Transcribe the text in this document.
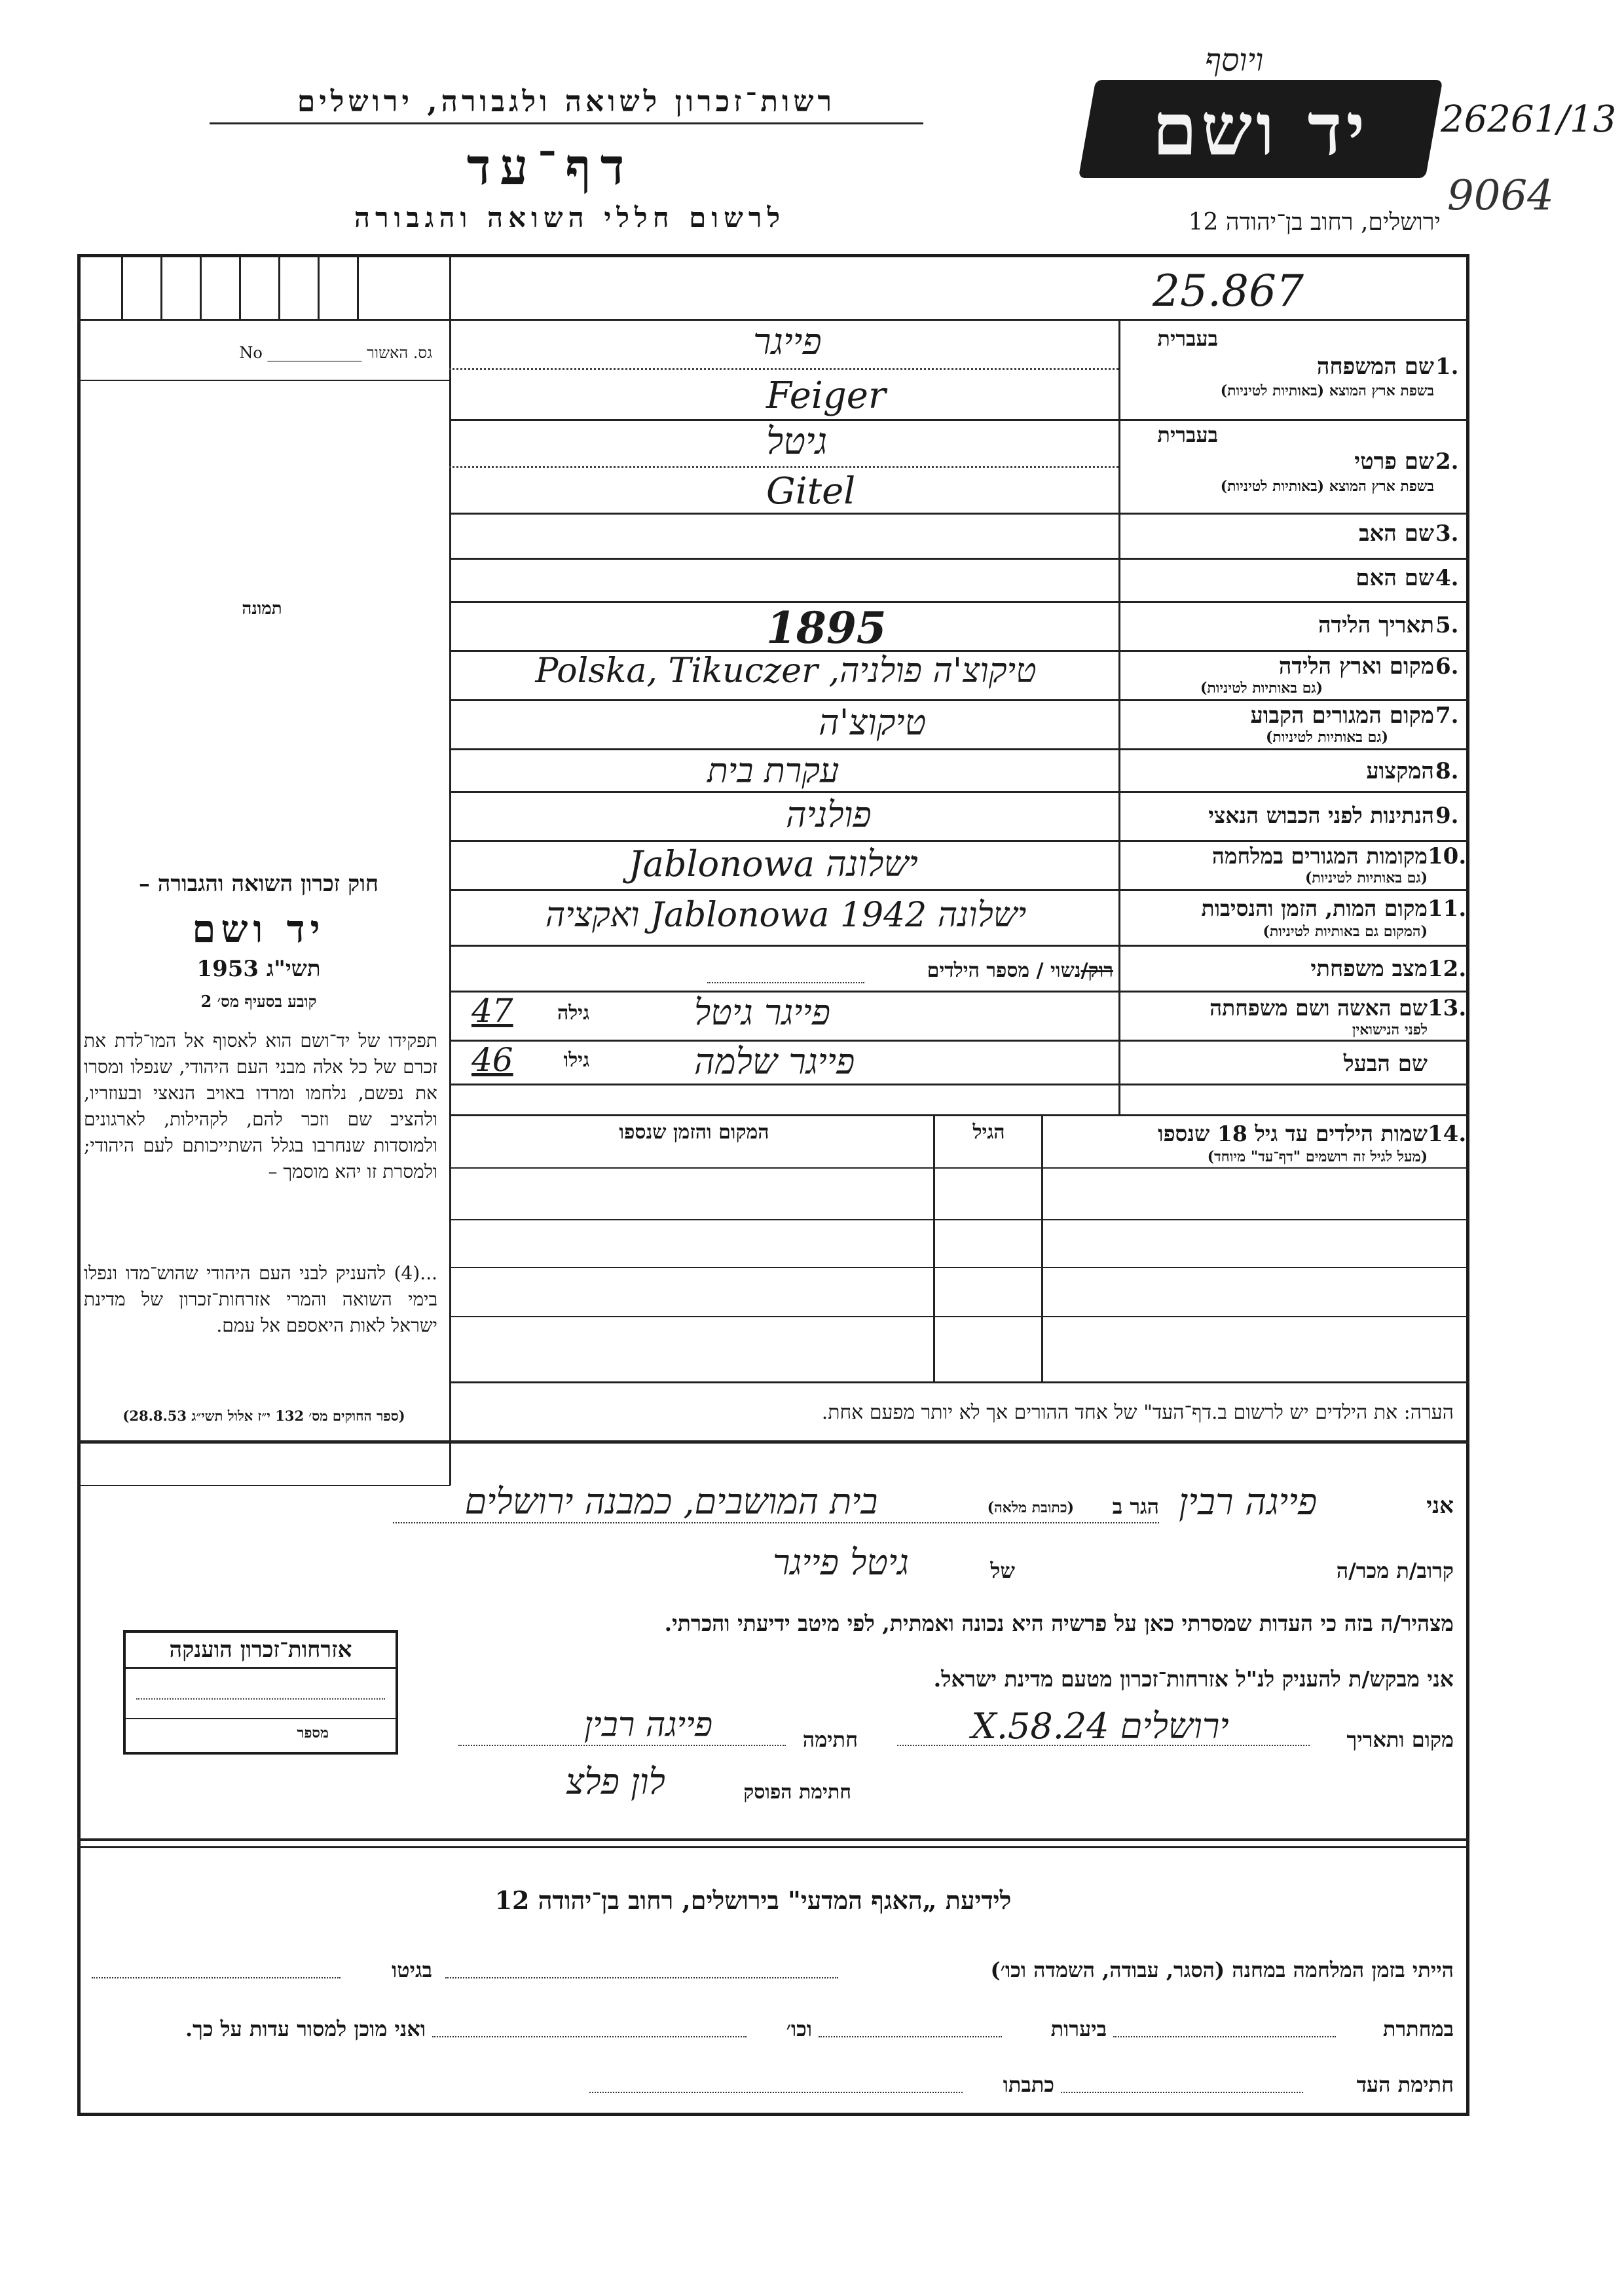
רשות־זכרון לשואה ולגבורה, ירושלים
דף־עד
לרשום חללי השואה והגבורה
יד ושם
ויוסף
26261/13
9064
ירושלים, רחוב בן־יהודה 12
25.867
גס. האשור ____________ No
תמונה
חוק זכרון השואה והגבורה –
יד ושם
תשי"ג 1953
קובע בסעיף מס׳ 2
תפקידו של יד־ושם הוא לאסוף אל המו־לדת את זכרם של כל אלה מבני העם היהודי, שנפלו ומסרו את נפשם, נלחמו ומרדו באויב הנאצי ובעוזריו, ולהציב שם וזכר להם, לקהילות, לארגונים ולמוסדות שנחרבו בגלל השתייכותם לעם היהודי; ולמסרת זו יהא מוסמך –
...(4) להעניק לבני העם היהודי שהוש־מדו ונפלו בימי השואה והמרי אזרחות־זכרון של מדינת ישראל לאות היאספם אל עמם.
(ספר החוקים מס׳ 132 י״ז אלול תשי״ג 28.8.53)
בעברית
שם המשפחה 1.
בשפת ארץ המוצא (באותיות לטיניות)
פייגר
Feiger
בעברית
שם פרטי 2.
בשפת ארץ המוצא (באותיות לטיניות)
גיטל
Gitel
שם האב 3.
שם האם 4.
תאריך הלידה 5.
1895
מקום וארץ הלידה 6.
(גם באותיות לטיניות)
טיקוצ'ה פולניה, Polska, Tikuczer
מקום המגורים הקבוע 7.
(גם באותיות לטיניות)
טיקוצ'ה
המקצוע 8.
עקרת בית
הנתינות לפני הכבוש הנאצי 9.
פולניה
מקומות המגורים במלחמה 10.
(גם באותיות לטיניות)
ישלונה Jablonowa
מקום המות, הזמן והנסיבות 11.
(המקום גם באותיות לטיניות)
ישלונה Jablonowa 1942 ואקציה
מצב משפחתי 12.
רוק/נשוי / מספר הילדים
שם האשה ושם משפחתה 13.
לפני הנישואין
גילה
47	פייגר גיטל
שם הבעל
גילו
46	פייגר שלמה
שמות הילדים עד גיל 18 שנספו 14.
(מעל לגיל זה רושמים "דף־עד" מיוחד)
הגיל
המקום והזמן שנספו
הערה: את הילדים יש לרשום ב.דף־העד" של אחד ההורים אך לא יותר מפעם אחת.
אני
פייגה רבין
הגר ב
(כתובת מלאה)
בית המושבים, כמבנה ירושלים
קרוב/ת מכר/ה
גיטל פייגר	של
מצהיר/ה בזה כי העדות שמסרתי כאן על פרשיה היא נכונה ואמתית, לפי מיטב ידיעתי והכרתי.
אני מבקש/ת להעניק לנ"ל אזרחות־זכרון מטעם מדינת ישראל.
מקום ותאריך
ירושלים 24.X.58
חתימה
פייגה רבין
חתימת הפוסק
לון פלצ
אזרחות־זכרון הוענקה
מספר
לידיעת „האגף המדעי" בירושלים, רחוב בן־יהודה 12
הייתי בזמן המלחמה במחנה (הסגר, עבודה, השמדה וכו׳)
בגיטו
במחתרת
ביערות
וכו׳
ואני מוכן למסור עדות על כך.
חתימת העד
כתבתו
